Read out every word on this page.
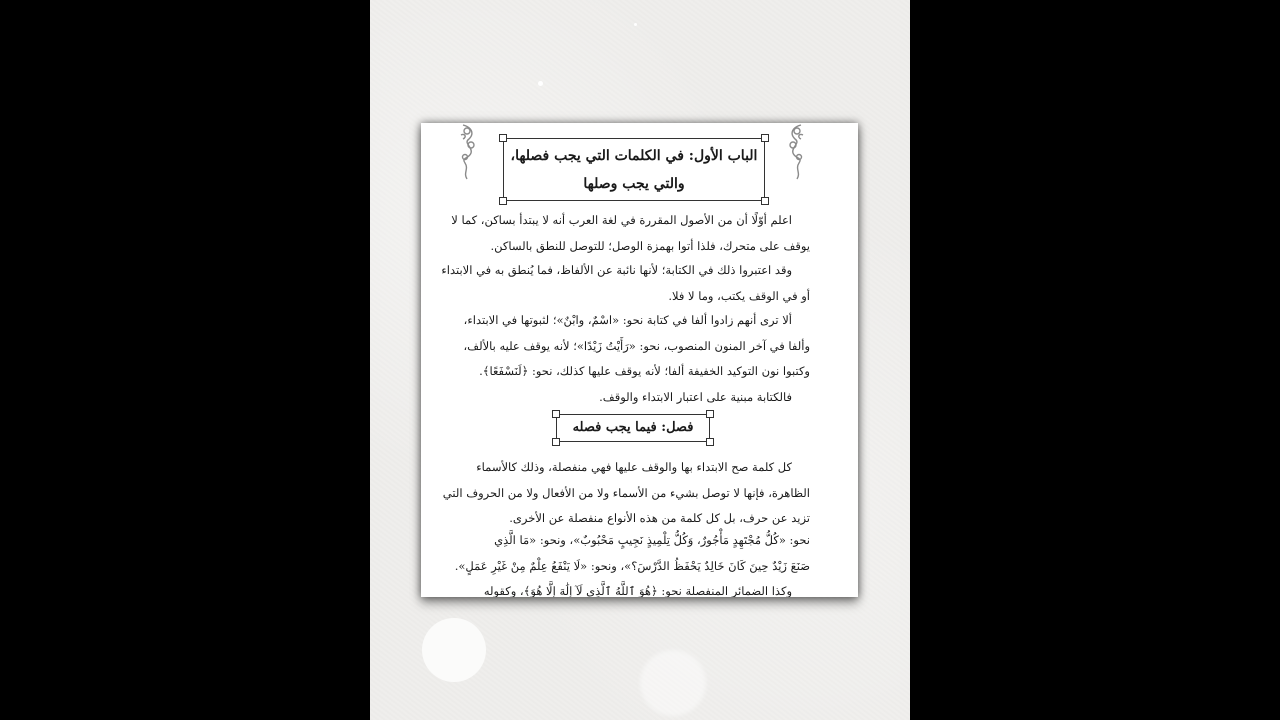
الباب الأول: في الكلمات التي يجب فصلها،
والتي يجب وصلها
اعلم أوّلًا أن من الأصول المقررة في لغة العرب أنه لا يبتدأ بساكن، كما لا
يوقف على متحرك، فلذا أتوا بهمزة الوصل؛ للتوصل للنطق بالساكن.
وقد اعتبروا ذلك في الكتابة؛ لأنها نائبة عن الألفاظ، فما يُنطق به في الابتداء
أو في الوقف يكتب، وما لا فلا.
ألا ترى أنهم زادوا ألفا في كتابة نحو: «اسْمٌ، وابْنٌ»؛ لثبوتها في الابتداء،
وألفا في آخر المنون المنصوب، نحو: «رَأَيْتُ زَيْدًا»؛ لأنه يوقف عليه بالألف،
وكتبوا نون التوكيد الخفيفة ألفا؛ لأنه يوقف عليها كذلك، نحو: ﴿لَنَسْفَعًا﴾.
فالكتابة مبنية على اعتبار الابتداء والوقف.
فصل: فيما يجب فصله
كل كلمة صح الابتداء بها والوقف عليها فهي منفصلة، وذلك كالأسماء
الظاهرة، فإنها لا توصل بشيء من الأسماء ولا من الأفعال ولا من الحروف التي
تزيد عن حرف، بل كل كلمة من هذه الأنواع منفصلة عن الأخرى.
نحو: «كُلُّ مُجْتَهِدٍ مَأْجُورٌ، وَكُلُّ تِلْمِيذٍ نَجِيبٍ مَحْبُوبٌ»، ونحو: «مَا الَّذِي
صَنَعَ زَيْدٌ حِينَ كَانَ خَالِدٌ يَحْفَظُ الدَّرْسَ؟»، ونحو: «لَا يَنْفَعُ عِلْمٌ مِنْ غَيْرِ عَمَلٍ».
وكذا الضمائر المنفصلة نحو: ﴿هُوَ ٱللَّهُ ٱلَّذِي لَآ إِلَٰهَ إِلَّا هُوَ﴾، وكقوله
